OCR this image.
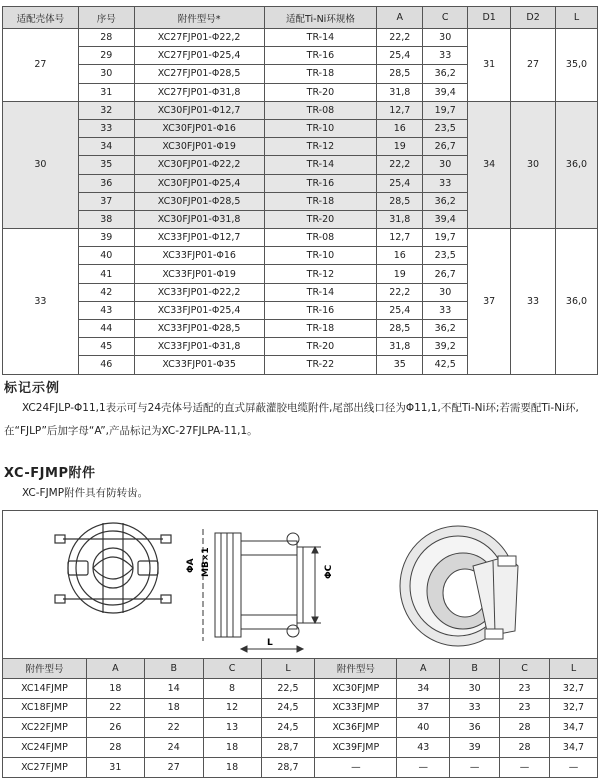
适配壳体号	序号	附件型号*	适配Ti-Ni环规格	A	C	D1	D2	L
27	28	XC27FJP01-Φ22,2	TR-14	22,2	30	31	27	35,0
	29	XC27FJP01-Φ25,4	TR-16	25,4	33			
	30	XC27FJP01-Φ28,5	TR-18	28,5	36,2			
	31	XC27FJP01-Φ31,8	TR-20	31,8	39,4			
30	32	XC30FJP01-Φ12,7	TR-08	12,7	19,7	34	30	36,0
	33	XC30FJP01-Φ16	TR-10	16	23,5			
	34	XC30FJP01-Φ19	TR-12	19	26,7			
	35	XC30FJP01-Φ22,2	TR-14	22,2	30			
	36	XC30FJP01-Φ25,4	TR-16	25,4	33			
	37	XC30FJP01-Φ28,5	TR-18	28,5	36,2			
	38	XC30FJP01-Φ31,8	TR-20	31,8	39,4			
33	39	XC33FJP01-Φ12,7	TR-08	12,7	19,7	37	33	36,0
	40	XC33FJP01-Φ16	TR-10	16	23,5			
	41	XC33FJP01-Φ19	TR-12	19	26,7			
	42	XC33FJP01-Φ22,2	TR-14	22,2	30			
	43	XC33FJP01-Φ25,4	TR-16	25,4	33			
	44	XC33FJP01-Φ28,5	TR-18	28,5	36,2			
	45	XC33FJP01-Φ31,8	TR-20	31,8	39,2			
	46	XC33FJP01-Φ35	TR-22	35	42,5			
标记示例
XC24FJLP-Φ11,1表示可与24壳体号适配的直式屏蔽灌胶电缆附件,尾部出线口径为Φ11,1,不配Ti-Ni环;若需要配Ti-Ni环,在“FJLP”后加字母“A”,产品标记为XC-27FJLPA-11,1。
XC-FJMP附件
XC-FJMP附件具有防转齿。
ΦA MB×1	ΦC
L
附件型号	A	B	C	L	附件型号	A	B	C	L
XC14FJMP	18	14	8	22,5	XC30FJMP	34	30	23	32,7
XC18FJMP	22	18	12	24,5	XC33FJMP	37	33	23	32,7
XC22FJMP	26	22	13	24,5	XC36FJMP	40	36	28	34,7
XC24FJMP	28	24	18	28,7	XC39FJMP	43	39	28	34,7
XC27FJMP	31	27	18	28,7	—	—	—	—	—
